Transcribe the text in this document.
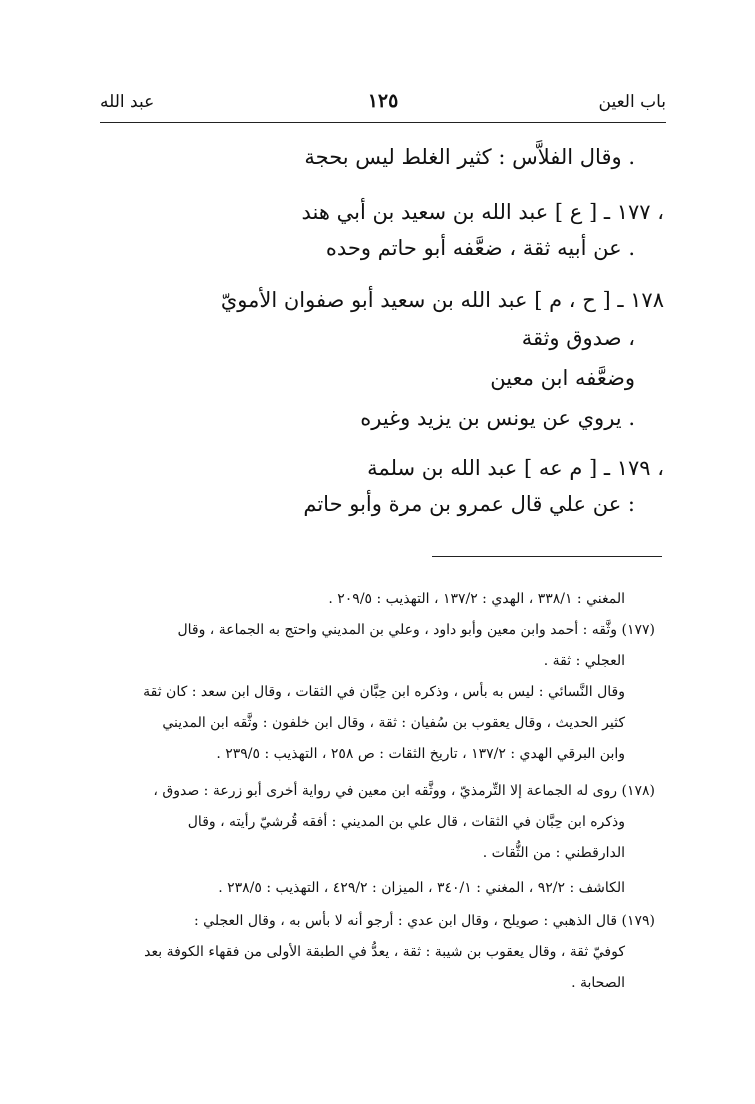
باب العين
١٢٥
عبد الله
وقال الفلاَّس : كثير الغلط ليس بحجة .
١٧٧ ـ [ ع ] عبد الله بن سعيد بن أبي هند ،
عن أبيه ثقة ، ضعَّفه أبو حاتم وحده .
١٧٨ ـ [ ح ، م ] عبد الله بن سعيد أبو صفوان الأمويّ
صدوق وثقة ،
وضعَّفه ابن معين
يروي عن يونس بن يزيد وغيره .
١٧٩ ـ [ م عه ] عبد الله بن سلمة ،
عن علي قال عمرو بن مرة وأبو حاتم :
المغني : ٣٣٨/١ ، الهدي : ١٣٧/٢ ، التهذيب : ٢٠٩/٥ .
(١٧٧) وثَّقه : أحمد وابن معين وأبو داود ، وعلي بن المديني واحتج به الجماعة ، وقال
العجلي : ثقة .
وقال النَّسائي : ليس به بأس ، وذكره ابن حِبَّان في الثقات ، وقال ابن سعد : كان ثقة
كثير الحديث ، وقال يعقوب بن سُفيان : ثقة ، وقال ابن خلفون : وثَّقه ابن المديني
وابن البرقي الهدي : ١٣٧/٢ ، تاريخ الثقات : ص ٢٥٨ ، التهذيب : ٢٣٩/٥ .
(١٧٨) روى له الجماعة إلا التِّرمذيّ ، ووثَّقه ابن معين في رواية أخرى أبو زرعة : صدوق ،
وذكره ابن حِبَّان في الثقات ، قال علي بن المديني : أفقه قُرشيّ رأيته ، وقال
الدارقطني : من الثُّقات .
الكاشف : ٩٢/٢ ، المغني : ٣٤٠/١ ، الميزان : ٤٢٩/٢ ، التهذيب : ٢٣٨/٥ .
(١٧٩) قال الذهبي : صويلح ، وقال ابن عدي : أرجو أنه لا بأس به ، وقال العجلي :
كوفيّ ثقة ، وقال يعقوب بن شيبة : ثقة ، يعدُّ في الطبقة الأولى من فقهاء الكوفة بعد
الصحابة .
